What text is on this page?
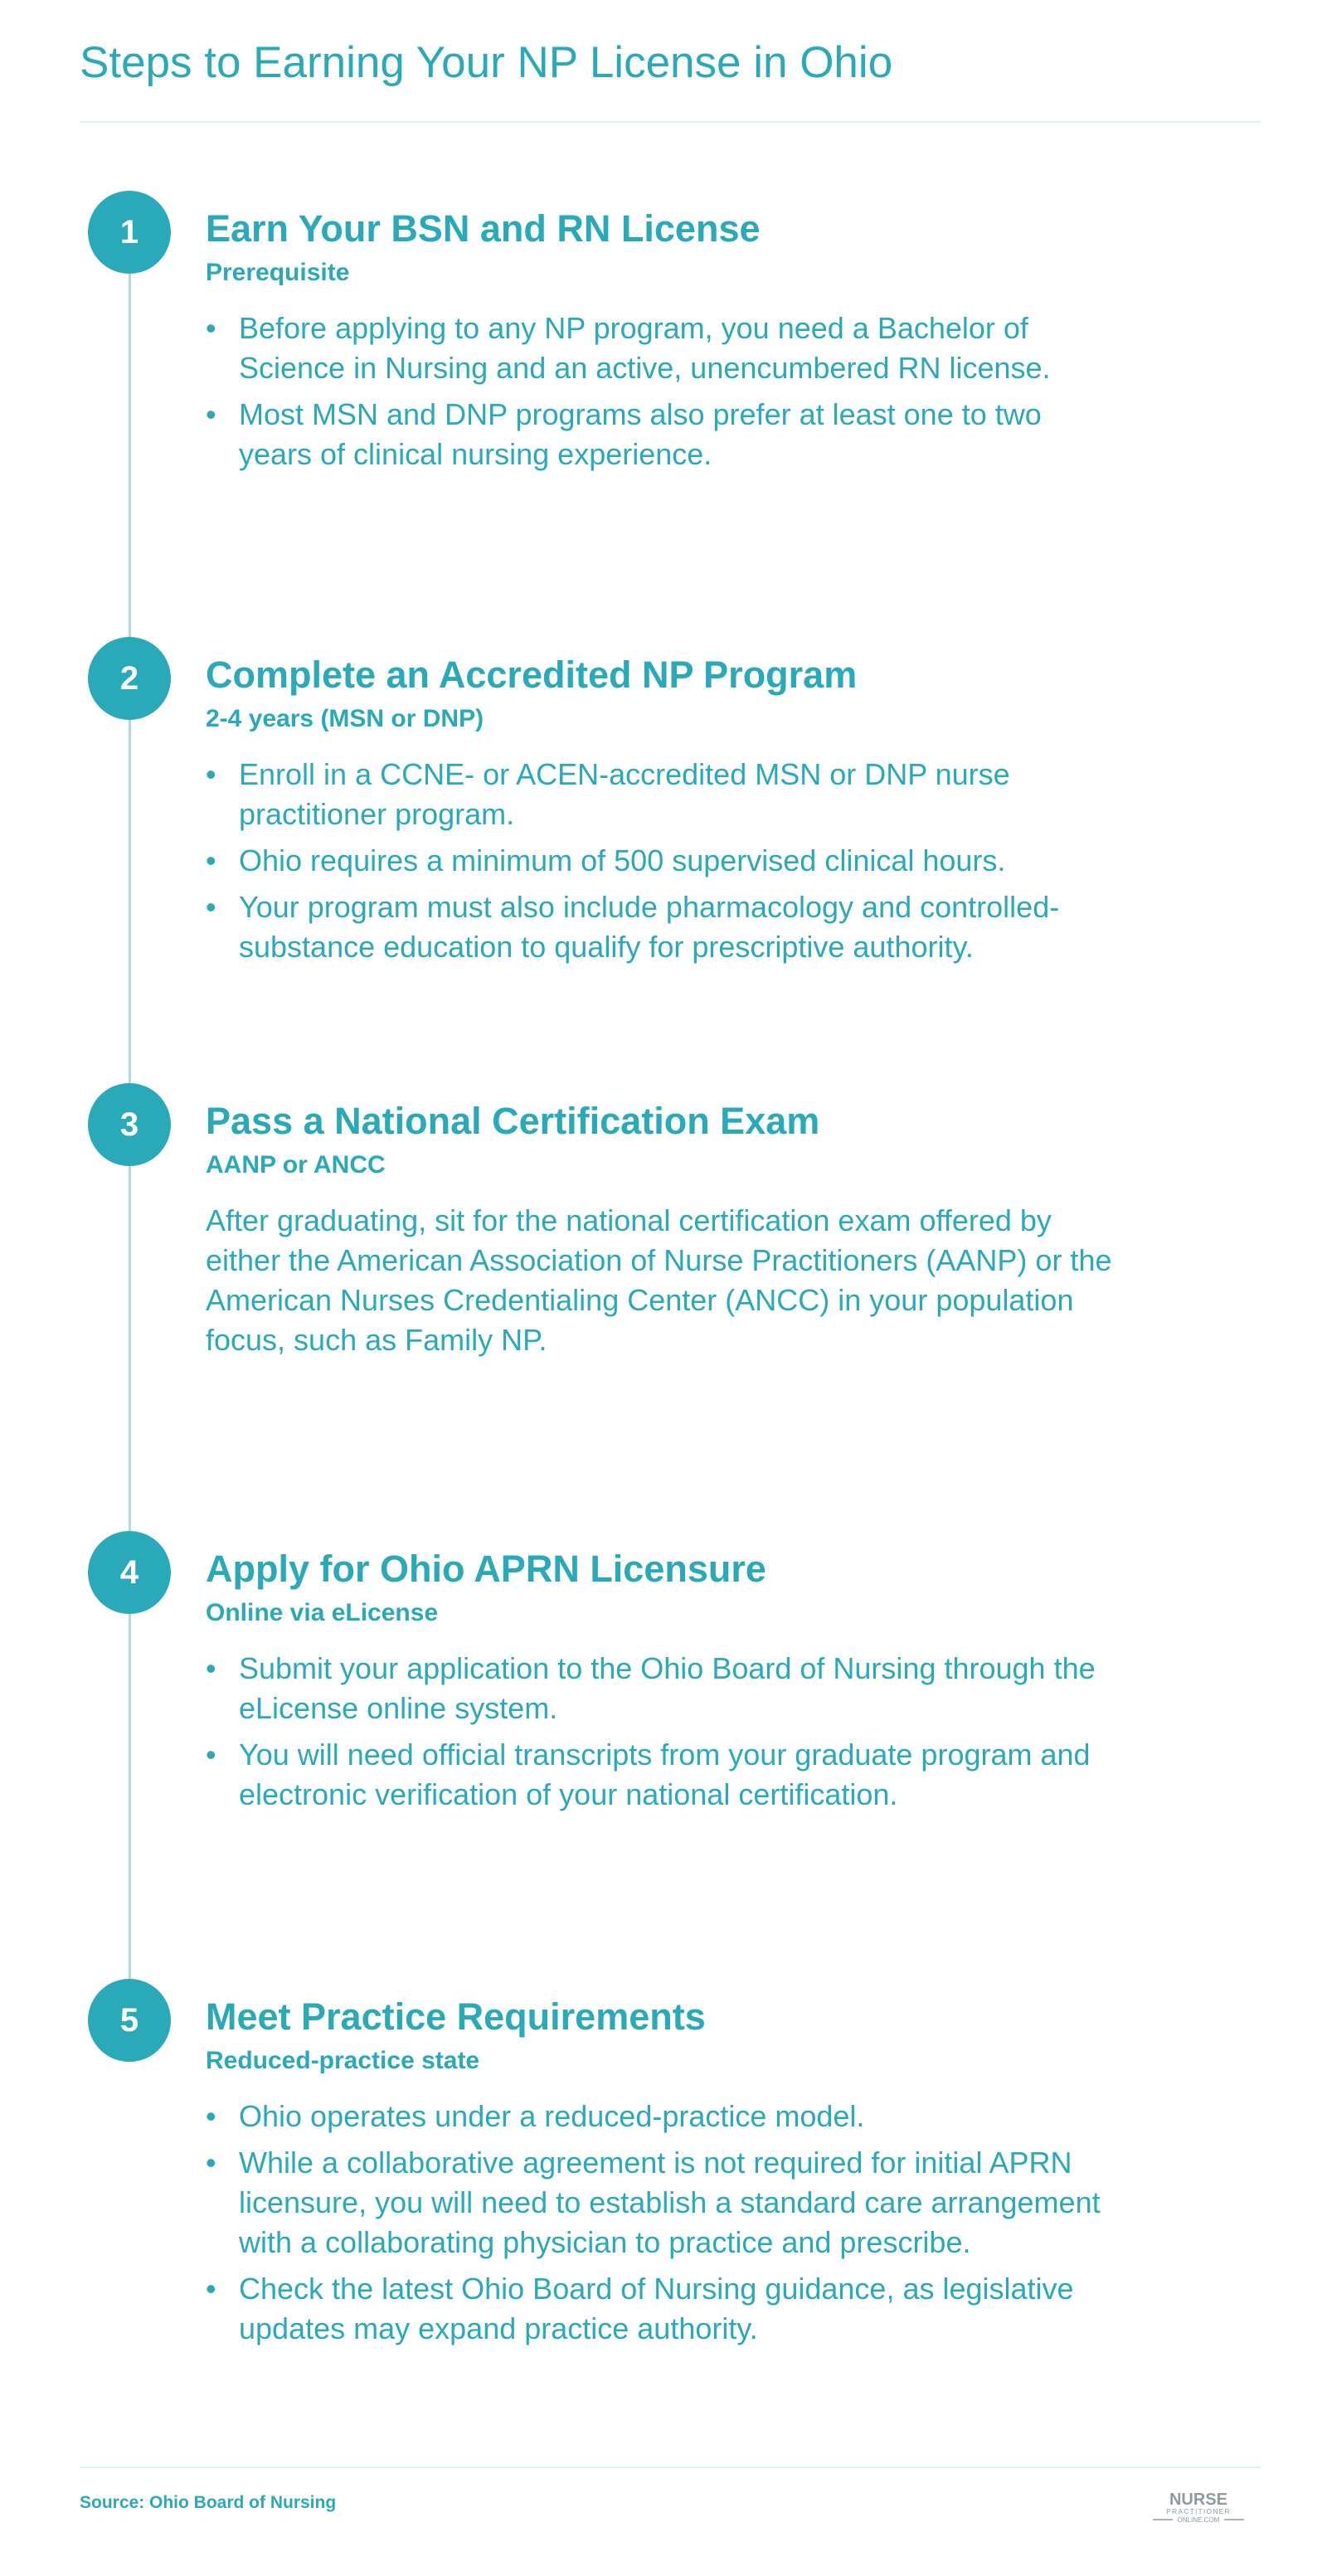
Steps to Earning Your NP License in Ohio
1	Earn Your BSN and RN License
Prerequisite
• Before applying to any NP program, you need a Bachelor of Science in Nursing and an active, unencumbered RN license.
• Most MSN and DNP programs also prefer at least one to two years of clinical nursing experience.
2	Complete an Accredited NP Program
2-4 years (MSN or DNP)
• Enroll in a CCNE- or ACEN-accredited MSN or DNP nurse practitioner program.
• Ohio requires a minimum of 500 supervised clinical hours.
• Your program must also include pharmacology and controlled-substance education to qualify for prescriptive authority.
3	Pass a National Certification Exam
AANP or ANCC

After graduating, sit for the national certification exam offered by either the American Association of Nurse Practitioners (AANP) or the American Nurses Credentialing Center (ANCC) in your population focus, such as Family NP.

4	Apply for Ohio APRN Licensure
Online via eLicense
• Submit your application to the Ohio Board of Nursing through the eLicense online system.
• You will need official transcripts from your graduate program and electronic verification of your national certification.
5	Meet Practice Requirements
Reduced-practice state
• Ohio operates under a reduced-practice model.
• While a collaborative agreement is not required for initial APRN licensure, you will need to establish a standard care arrangement with a collaborating physician to practice and prescribe.
• Check the latest Ohio Board of Nursing guidance, as legislative updates may expand practice authority.
Source: Ohio Board of Nursing	NURSE
PRACTITIONER
ONLINE.COM
